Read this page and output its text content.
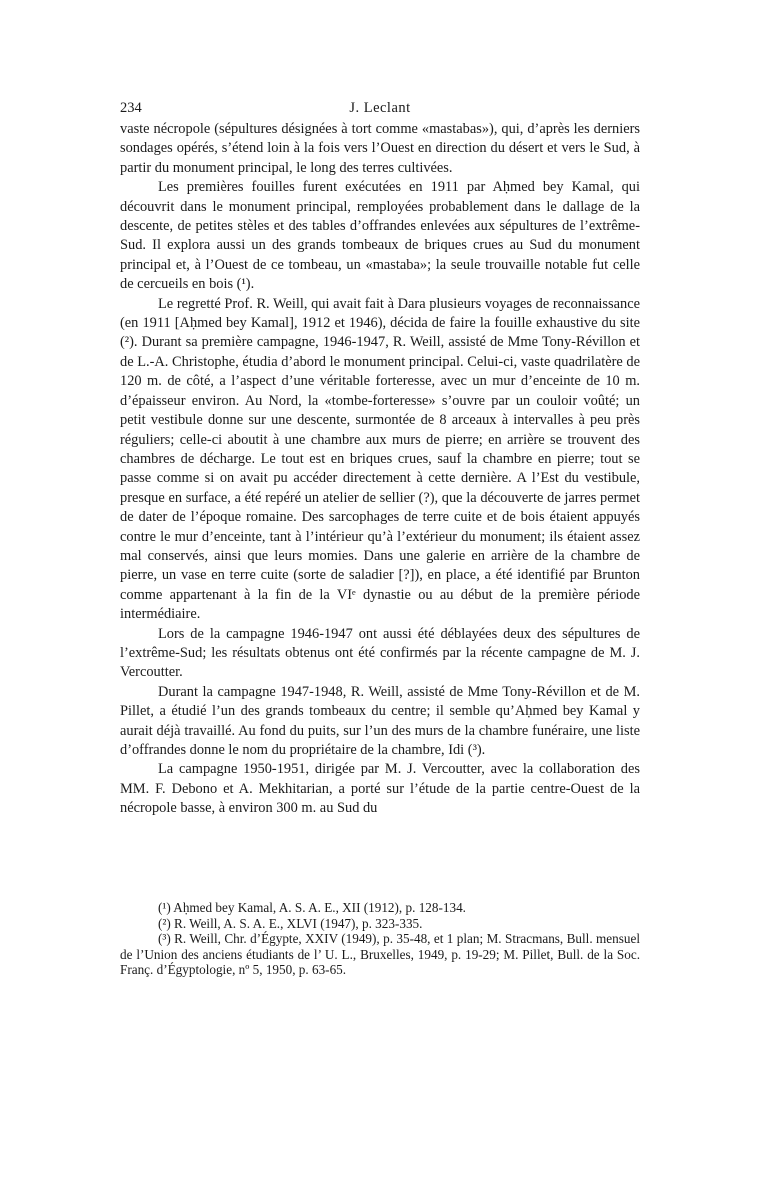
234	J. Leclant

vaste nécropole (sépultures désignées à tort comme «mastabas»), qui, d’après les derniers sondages opérés, s’étend loin à la fois vers l’Ouest en direction du désert et vers le Sud, à partir du monument principal, le long des terres cultivées.

Les premières fouilles furent exécutées en 1911 par Aḥmed bey Kamal, qui découvrit dans le monument principal, remployées probablement dans le dallage de la descente, de petites stèles et des tables d’offrandes enlevées aux sépultures de l’extrême-Sud. Il explora aussi un des grands tombeaux de briques crues au Sud du monument principal et, à l’Ouest de ce tombeau, un «mastaba»; la seule trouvaille notable fut celle de cercueils en bois (¹).

Le regretté Prof. R. Weill, qui avait fait à Dara plusieurs voyages de reconnaissance (en 1911 [Aḥmed bey Kamal], 1912 et 1946), décida de faire la fouille exhaustive du site (²). Durant sa première campagne, 1946-1947, R. Weill, assisté de Mme Tony-Révillon et de L.-A. Christophe, étudia d’abord le monument principal. Celui-ci, vaste quadrilatère de 120 m. de côté, a l’aspect d’une véritable forteresse, avec un mur d’enceinte de 10 m. d’épaisseur environ. Au Nord, la «tombe-forteresse» s’ouvre par un couloir voûté; un petit vestibule donne sur une descente, surmontée de 8 arceaux à intervalles à peu près réguliers; celle-ci aboutit à une chambre aux murs de pierre; en arrière se trouvent des chambres de décharge. Le tout est en briques crues, sauf la chambre en pierre; tout se passe comme si on avait pu accéder directement à cette dernière. A l’Est du vestibule, presque en surface, a été repéré un atelier de sellier (?), que la découverte de jarres permet de dater de l’époque romaine. Des sarcophages de terre cuite et de bois étaient appuyés contre le mur d’enceinte, tant à l’intérieur qu’à l’extérieur du monument; ils étaient assez mal conservés, ainsi que leurs momies. Dans une galerie en arrière de la chambre de pierre, un vase en terre cuite (sorte de saladier [?]), en place, a été identifié par Brunton comme appartenant à la fin de la VIᵉ dynastie ou au début de la première période intermédiaire.

Lors de la campagne 1946-1947 ont aussi été déblayées deux des sépultures de l’extrême-Sud; les résultats obtenus ont été confirmés par la récente campagne de M. J. Vercoutter.

Durant la campagne 1947-1948, R. Weill, assisté de Mme Tony-Révillon et de M. Pillet, a étudié l’un des grands tombeaux du centre; il semble qu’Aḥmed bey Kamal y aurait déjà travaillé. Au fond du puits, sur l’un des murs de la chambre funéraire, une liste d’offrandes donne le nom du propriétaire de la chambre, Idi (³).

La campagne 1950-1951, dirigée par M. J. Vercoutter, avec la collaboration des MM. F. Debono et A. Mekhitarian, a porté sur l’étude de la partie centre-Ouest de la nécropole basse, à environ 300 m. au Sud du

(¹) Aḥmed bey Kamal, A. S. A. E., XII (1912), p. 128-134.

(²) R. Weill, A. S. A. E., XLVI (1947), p. 323-335.

(³) R. Weill, Chr. d’Égypte, XXIV (1949), p. 35-48, et 1 plan; M. Stracmans, Bull. mensuel de l’Union des anciens étudiants de l’ U. L., Bruxelles, 1949, p. 19-29; M. Pillet, Bull. de la Soc. Franç. d’Égyptologie, nº 5, 1950, p. 63-65.
